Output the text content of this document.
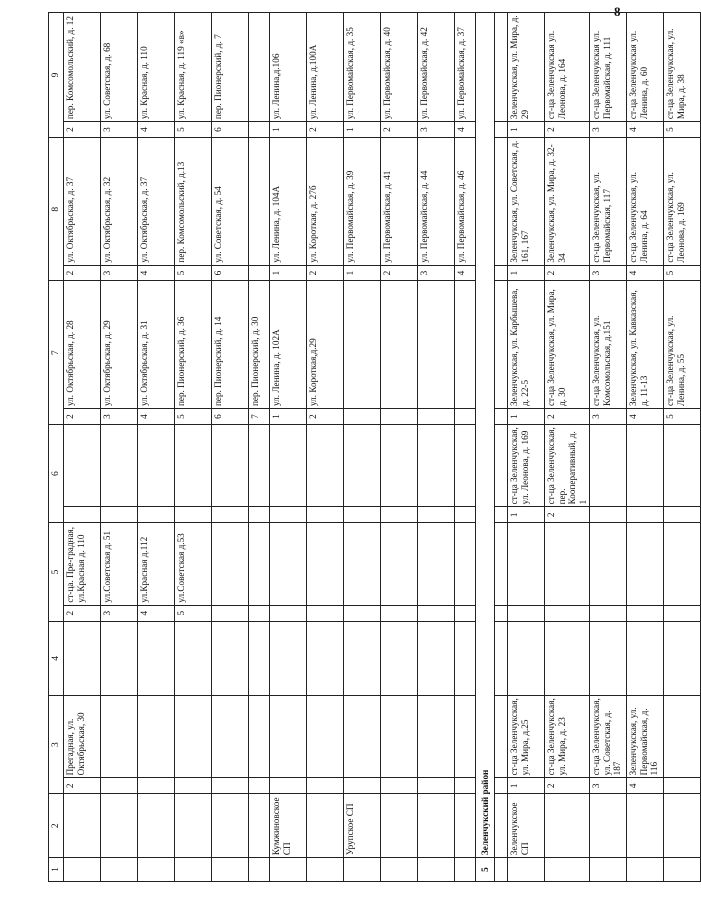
8
1	2	3		4	5		6		7		8		9	
		2	Прегадная, ул. Октябрьская, 30		2	ст-ца. Пре-градная, ул.Красная д. 110			2	ул. Октябрьская, д. 28	2	ул. Октябрьская, д. 37	2	пер. Комсомольский, д. 12
					3	ул.Советская д. 51			3	ул. Октябрьская, д. 29	3	ул. Октябрьская, д. 32	3	ул. Советская, д. 68
					4	ул.Красная д.112			4	ул. Октябрьская, д. 31	4	ул. Октябрьская, д. 37	4	ул. Красная, д. 110
					5	ул.Советская д.53			5	пер. Пионерский, д. 36	5	пер. Комсомольский, д.13	5	ул. Красная, д. 119 «в»
									6	пер. Пионерский, д. 14	6	ул. Советская, д. 54	6	пер. Пионерский, д. 7
									7	пер. Пионерский, д. 30				
	Кумжиновское СП								1	ул. Ленина, д. 102А	1	ул. Ленина, д. 104А	1	ул. Ленина,д.106
									2	ул. Короткая,д.29	2	ул. Короткая, д. 27б	2	ул. Ленина, д.100А
	Урупское СП										1	ул. Первомайская, д. 39	1	ул. Первомайская, д. 35
											2	ул. Первомайская, д. 41	2	ул. Первомайская, д. 40
											3	ул. Первомайская, д. 44	3	ул. Первомайская, д. 42
											4	ул. Первомайская, д. 46	4	ул. Первомайская, д. 37
5	Зеленчукский район													

	Зеленчукское СП	1	ст-ца Зеленчукская, ул. Мира, д.25				1	ст-ца Зеленчукская, ул. Леонова, д. 169	1	Зеленчукская, ул. Карбышева, д. 22-5	1	Зеленчукская, ул. Советская, д. 161, 167	1	Зеленчукская, ул. Мира, д. 29
		2	ст-ца Зеленчукская, ул. Мира, д. 23				2	ст-ца Зеленчукская, пер. Кооперативный, д. 1	2	ст-ца Зеленчукская, ул. Мира, д. 30	2	Зеленчукская, ул. Мира, д. 32-34	2	ст-ца Зеленчукская ул. Леонова, д. 164
		3	ст-ца Зеленчукская, ул. Советская, д. 187						3	ст-ца Зеленчукская, ул. Комсомольская, д.151	3	ст-ца Зеленчукская, ул. Первомайская, 117	3	ст-ца Зеленчукская ул. Первомайская, д. 111
		4	Зеленчукская, ул. Первомайская, д. 116						4	Зеленчукская, ул. Кавказская, д. 11-13	4	ст-ца Зеленчукская, ул. Ленина, д. 64	4	ст-ца Зеленчукская ул. Ленина, д. 60
									5	ст-ца Зеленчукская, ул. Ленина, д. 55	5	ст-ца Зеленчукская, ул. Леонова, д. 169	5	ст-ца Зеленчукская, ул. Мира, д. 38
